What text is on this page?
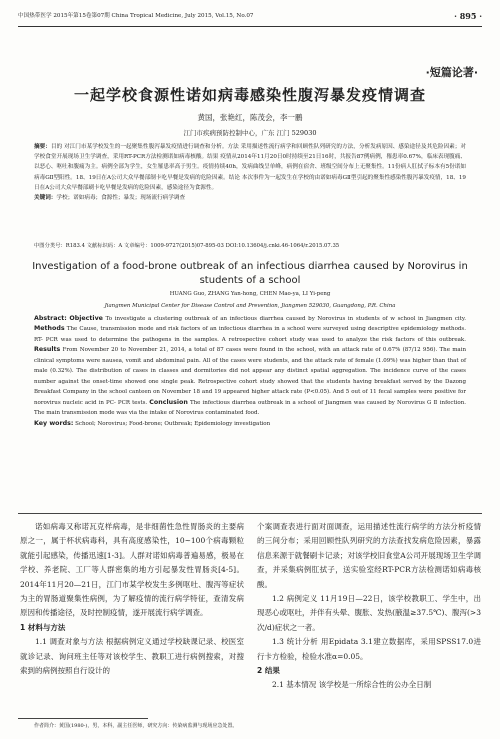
中国热带医学 2015年第15卷第07期 China Tropical Medicine, July 2015, Vol.15, No.07	· 895 ·
·短篇论著·
一起学校食源性诺如病毒感染性腹泻暴发疫情调查
黄国，张艳红，陈茂会，李一鹏
江门市疾病预防控制中心，广东 江门 529030
摘要：目的 对江门市某学校发生的一起聚集性腹泻暴发疫情进行调查和分析。方法 采用描述性流行病学和回顾性队列研究的方法，分析发病原因、感染途径及其危险因素；对学校食堂开展现场卫生学调查，采用RT-PCR方法检测诺如病毒核酸。结果 疫情从2014年11月20日0时持续至21日16时，共报告87例病例，罹患率0.67%，临床表现腹痛、以恶心、呕吐和腹痛为主。病例全部为学生，女生罹患率高于男生。疫情持续40h，发病曲线呈单峰，病例在宿舍、班级空间分布上无聚集性。11份病人肛拭子标本有5份诺如病毒GⅡ型阳性。18、19日在A公司大众早餐部制卡吃早餐是发病的危险因素。结论 本次事件为一起发生在学校的由诺如病毒GⅡ型引起的聚集性感染性腹泻暴发疫情，18、19日在A公司大众早餐部刷卡吃早餐是发病的危险因素，感染途径为食源性。
关键词：学校；诺如病毒；食源性；暴发；现场流行病学调查
中图分类号：R183.4 文献标识码：A 文章编号：1009-9727(2015)07-895-03 DOI:10.13604/j.cnki.46-1064/r.2015.07.35
Investigation of a food-brone outbreak of an infectious diarrhea caused by Norovirus in students of a school
HUANG Guo, ZHANG Yan-hong, CHEN Mao-ya, LI Yi-peng
Jiangmen Municipal Center for Disease Control and Prevention, Jiangmen 529030, Guangdong, P.R. China
Abstract: Objective To investigate a clustering outbreak of an infectious diarrhea caused by Norovirus in students of w school in Jiangmen city. Methods The Cause, transmission mode and risk factors of an infectious diarrhea in a school were surveyed using descriptive epidemiology methods. RT- PCR was used to determine the pathogens in the samples. A retrospective cohort study was used to analyze the risk factors of this outbreak. Results From November 20 to November 21, 2014, a total of 87 cases were found in the school, with an attack rate of 0.67% (87/12 956). The main clinical symptoms were nausea, vomit and abdominal pain. All of the cases were students, and the attack rate of female (1.09%) was higher than that of male (0.32%). The distribution of cases in classes and dormitories did not appear any distinct spatial aggregation. The incidence curve of the cases number against the onset-time showed one single peak. Retrospective cohort study showed that the students having breakfast served by the Dazong Breakfast Company in the school canteen on November 18 and 19 appeared higher attack rate (P<0.05). And 5 out of 11 fecal samples were positive for norovirus nucleic acid in PC- PCR tests. Conclusion The infectious diarrhea outbreak in a school of Jiangmen was caused by Norovirus G Ⅱ infection. The main transmission mode was via the intake of Norovirus contaminated food.
Key words: School; Norovirus; Food-brone; Outbreak; Epidemiology investigation
诺如病毒又称诺瓦克样病毒，是非细菌性急性胃肠炎的主要病原之一，属于杯状病毒科，具有高度感染性，10~100个病毒颗粒就能引起感染，传播迅速[1-3]。人群对诺如病毒普遍易感，极易在学校、养老院、工厂等人群密集的地方引起暴发性胃肠炎[4-5]。2014年11月20—21日，江门市某学校发生多例呕吐、腹泻等症状为主的胃肠道聚集性病例，为了解疫情的流行病学特征，查清发病原因和传播途径，及时控制疫情，遂开展流行病学调查。
1 材料与方法
1.1 调查对象与方法 根据病例定义通过学校缺课记录、校医室就诊记录、询问班主任等对该校学生、教职工进行病例搜索，对搜索到的病例按照自行设计的
个案调查表进行面对面调查，运用描述性流行病学的方法分析疫情的三间分布；采用回顾性队列研究的方法查找发病危险因素，暴露信息来源于就餐刷卡记录；对该学校旧食堂A公司开展现场卫生学调查，并采集病例肛拭子，送实验室经RT-PCR方法检测诺如病毒核酸。
1.2 病例定义 11月19日—22日，该学校教职工、学生中，出现恶心或呕吐，并伴有头晕、腹胀、发热(腋温≥37.5℃)、腹泻(>3次/d)症状之一者。
1.3 统计分析 用Epidata 3.1建立数据库，采用SPSS17.0进行卡方检验，检验水准α=0.05。
2 结果
2.1 基本情况 该学校是一所综合性的公办全日制
作者简介：黄国(1980-)，男，本科，副主任医师，研究方向：传染病监测与现场应急处置。
